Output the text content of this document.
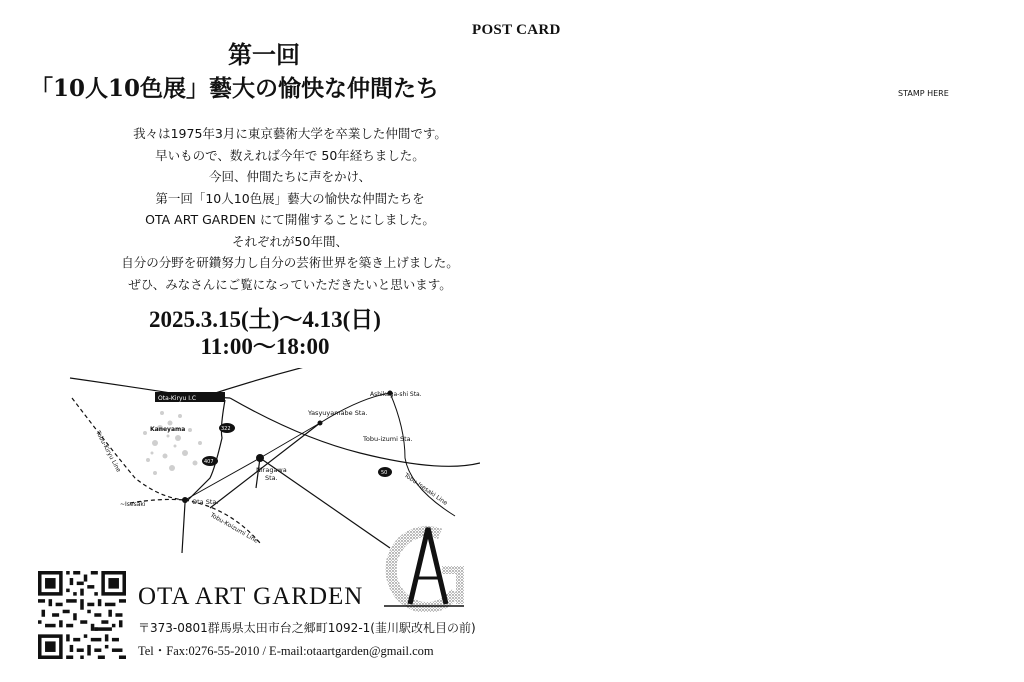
POST CARD
STAMP HERE
第一回
「10人10色展」藝大の愉快な仲間たち
我々は1975年3月に東京藝術大学を卒業した仲間です。
早いもので、数えれば今年で 50年経ちました。
今回、仲間たちに声をかけ、
第一回「10人10色展」藝大の愉快な仲間たちを
OTA ART GARDEN にて開催することにしました。
それぞれが50年間、
自分の分野を研鑽努力し自分の芸術世界を築き上げました。
ぜひ、みなさんにご覧になっていただきたいと思います。
2025.3.15(土)～4.13(日)
11:00～18:00
Ota-Kiryu I.C
322
407
50
Kaneyama
Yasyuyamabe Sta.
Ashikaga-shi Sta.
Tobu-izumi Sta.
Niragawa
Sta.
Ota Sta.
~Isesaki
Tobu-Kiryu Line
Tobu-Isesaki Line
Tobu-Koizumi Line
OTA ART GARDEN
〒373-0801群馬県太田市台之郷町1092-1(韮川駅改札目の前)
Tel・Fax:0276-55-2010 / E-mail:otaartgarden@gmail.com
